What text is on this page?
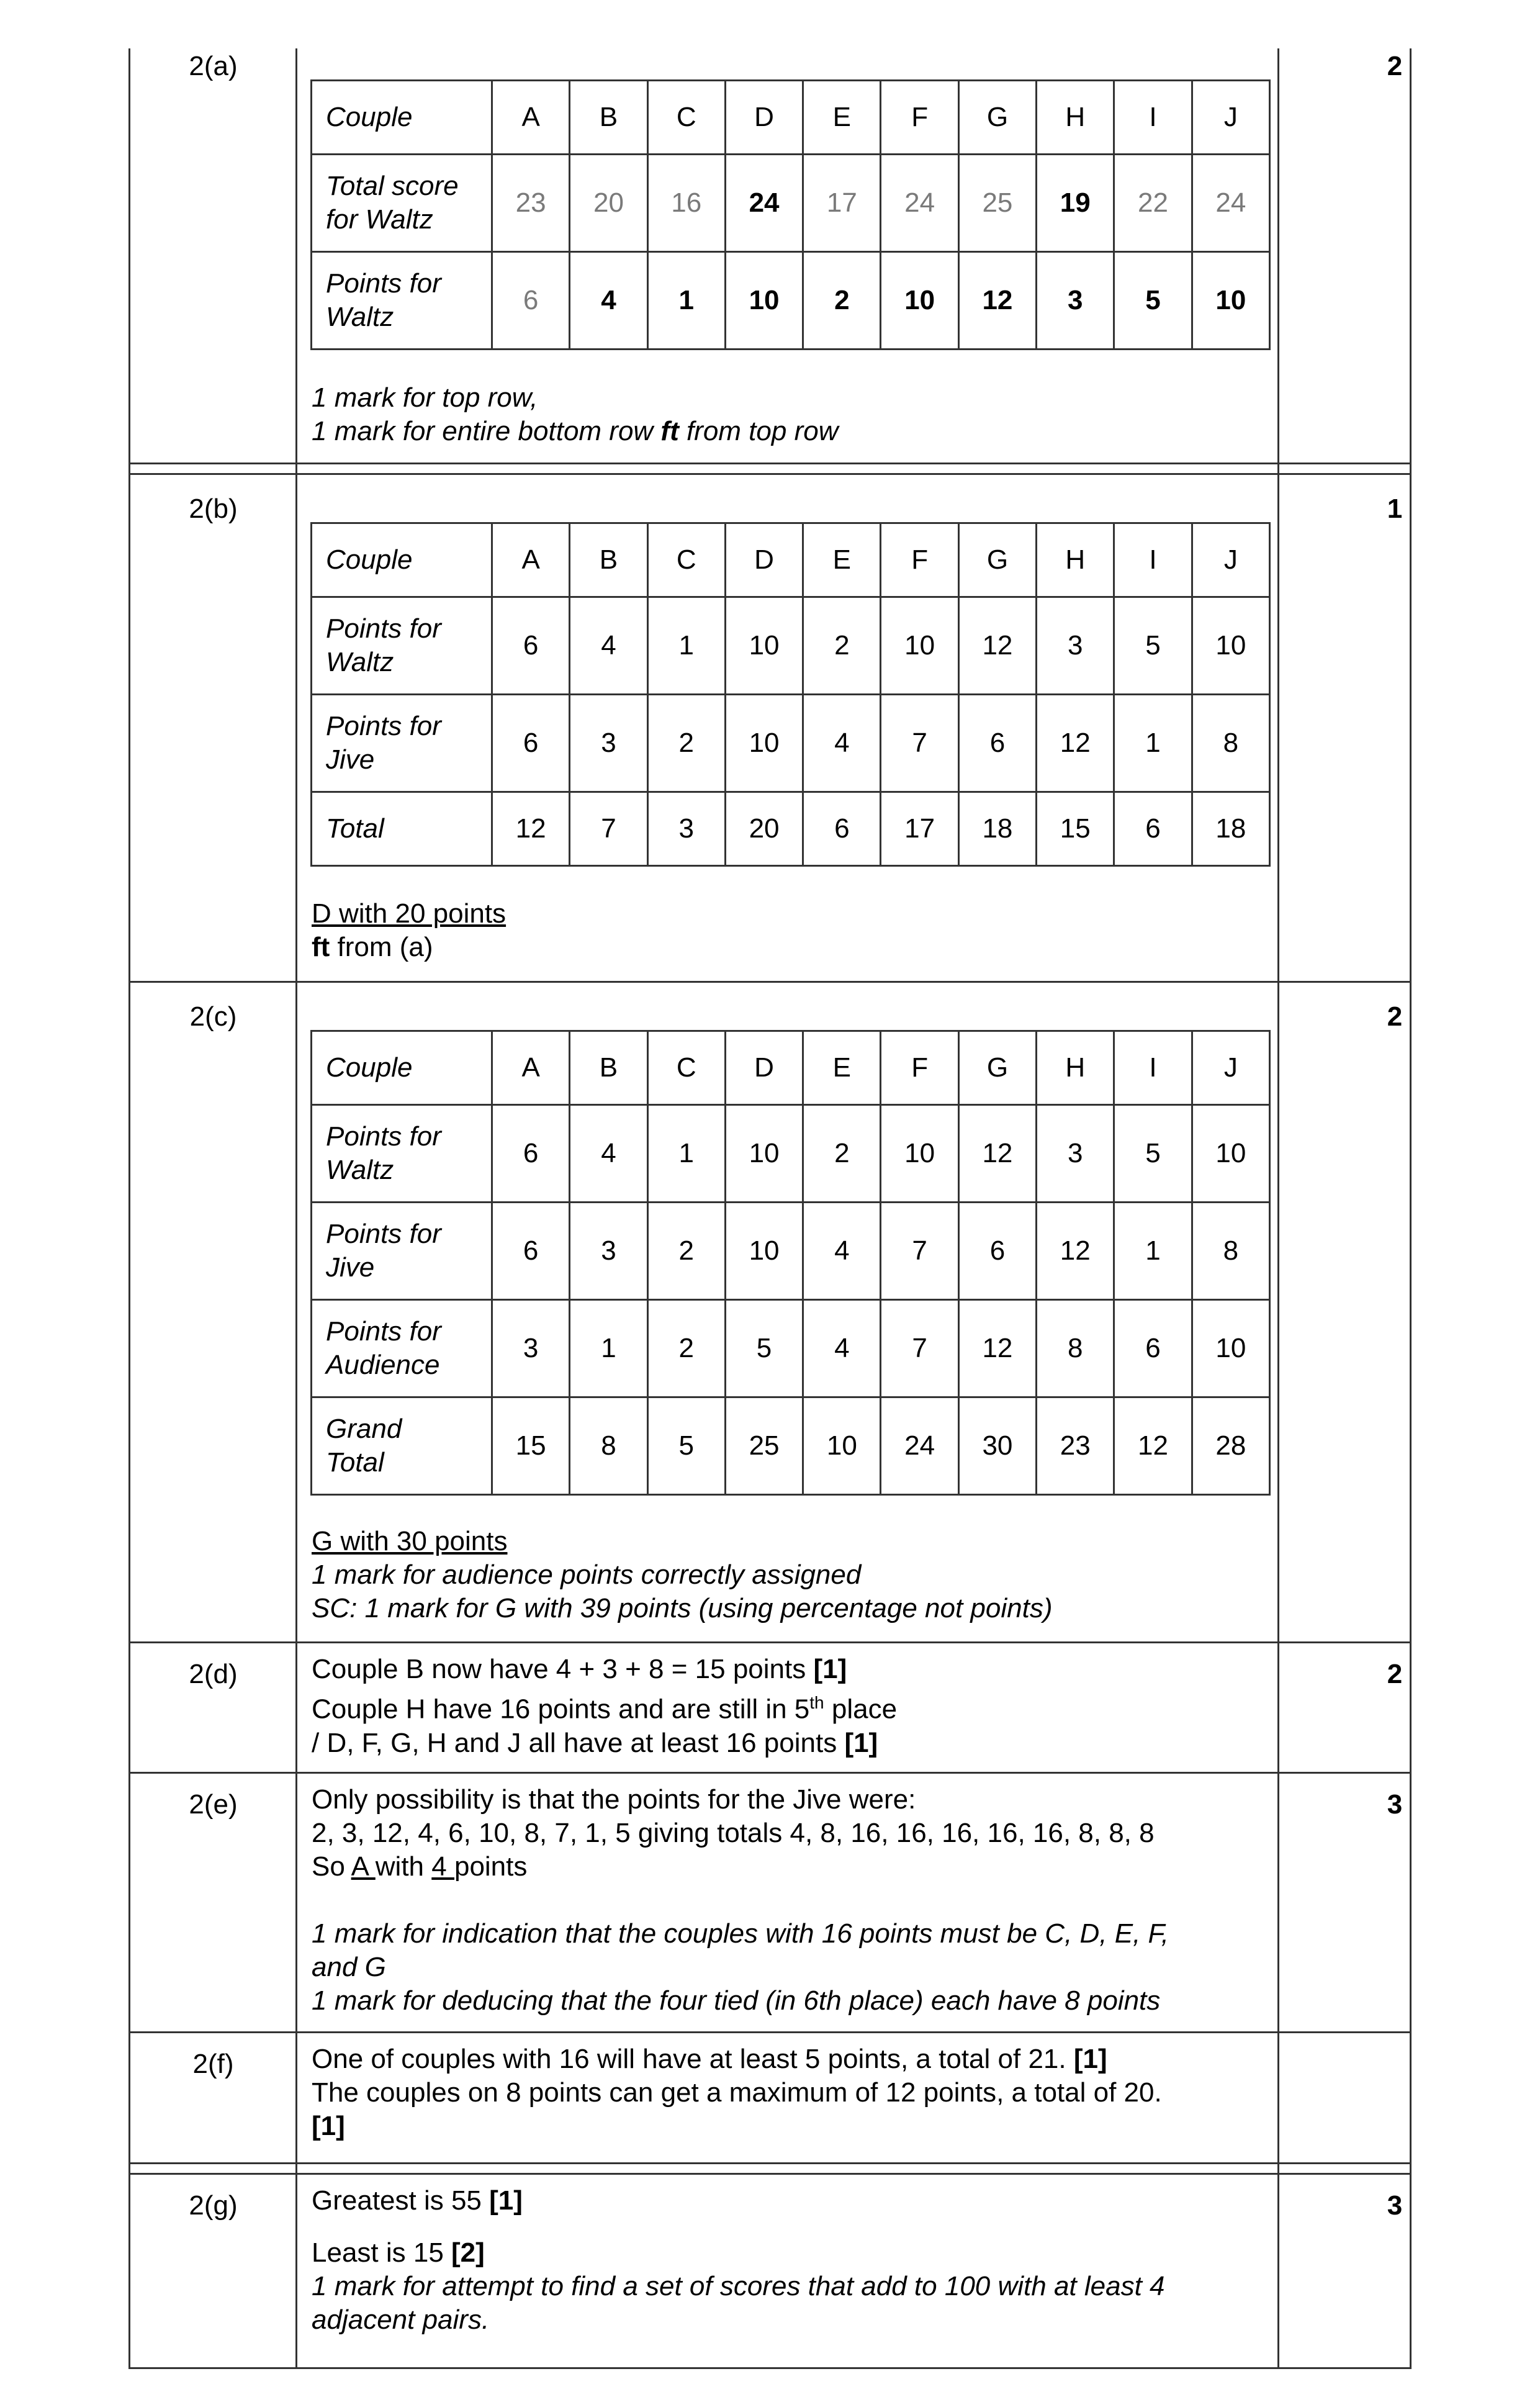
2(a)	2
Couple	A	B	C	D	E	F	G	H	I	J
Total score
for Waltz	23	20	16	24	17	24	25	19	22	24
Points for
Waltz	6	4	1	10	2	10	12	3	5	10
1 mark for top row,
1 mark for entire bottom row ft from top row
2(b)	1
Couple	A	B	C	D	E	F	G	H	I	J
Points for
Waltz	6	4	1	10	2	10	12	3	5	10
Points for
Jive	6	3	2	10	4	7	6	12	1	8
Total	12	7	3	20	6	17	18	15	6	18
D with 20 points
ft from (a)
2(c)	2
Couple	A	B	C	D	E	F	G	H	I	J
Points for
Waltz	6	4	1	10	2	10	12	3	5	10
Points for
Jive	6	3	2	10	4	7	6	12	1	8
Points for
Audience	3	1	2	5	4	7	12	8	6	10
Grand
Total	15	8	5	25	10	24	30	23	12	28
G with 30 points
1 mark for audience points correctly assigned
SC: 1 mark for G with 39 points (using percentage not points)
2(d)	2
Couple B now have 4 + 3 + 8 = 15 points [1]
Couple H have 16 points and are still in 5th place
/ D, F, G, H and J all have at least 16 points [1]
2(e)	3
Only possibility is that the points for the Jive were:
2, 3, 12, 4, 6, 10, 8, 7, 1, 5 giving totals 4, 8, 16, 16, 16, 16, 16, 8, 8, 8
So A with 4 points
1 mark for indication that the couples with 16 points must be C, D, E, F,
and G
1 mark for deducing that the four tied (in 6th place) each have 8 points
2(f)	One of couples with 16 will have at least 5 points, a total of 21. [1]
The couples on 8 points can get a maximum of 12 points, a total of 20.
[1]
2(g)	3
Greatest is 55 [1]
Least is 15 [2]
1 mark for attempt to find a set of scores that add to 100 with at least 4
adjacent pairs.
